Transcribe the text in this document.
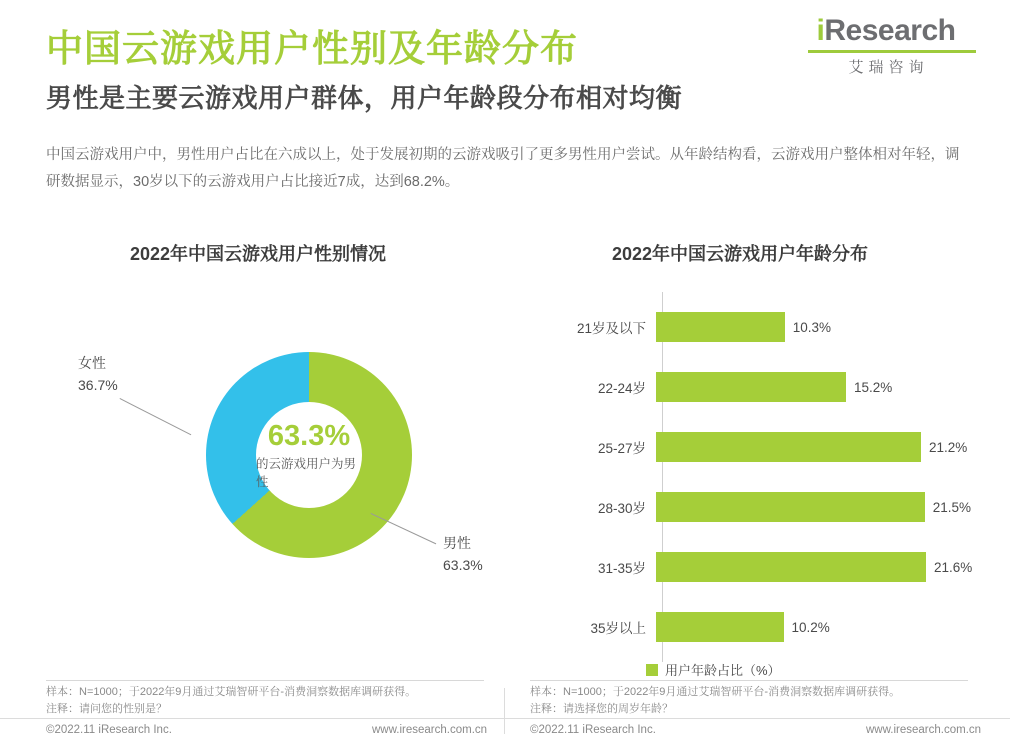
中国云游戏用户性别及年龄分布
男性是主要云游戏用户群体，用户年龄段分布相对均衡
中国云游戏用户中，男性用户占比在六成以上，处于发展初期的云游戏吸引了更多男性用户尝试。从年龄结构看，云游戏用户整体相对年轻，调研数据显示，30岁以下的云游戏用户占比接近7成，达到68.2%。
iResearch
艾瑞咨询
2022年中国云游戏用户性别情况
63.3%
的云游戏用户为男性
女性
36.7%
男性
63.3%
2022年中国云游戏用户年龄分布
21岁及以下	10.3%
22-24岁	15.2%
25-27岁	21.2%
28-30岁	21.5%
31-35岁	21.6%
35岁以上	10.2%
用户年龄占比（%）
样本：N=1000；于2022年9月通过艾瑞智研平台-消费洞察数据库调研获得。
注释：请问您的性别是？
样本：N=1000；于2022年9月通过艾瑞智研平台-消费洞察数据库调研获得。
注释：请选择您的周岁年龄？
©2022.11 iResearch Inc.	www.iresearch.com.cn	©2022.11 iResearch Inc.	www.iresearch.com.cn
